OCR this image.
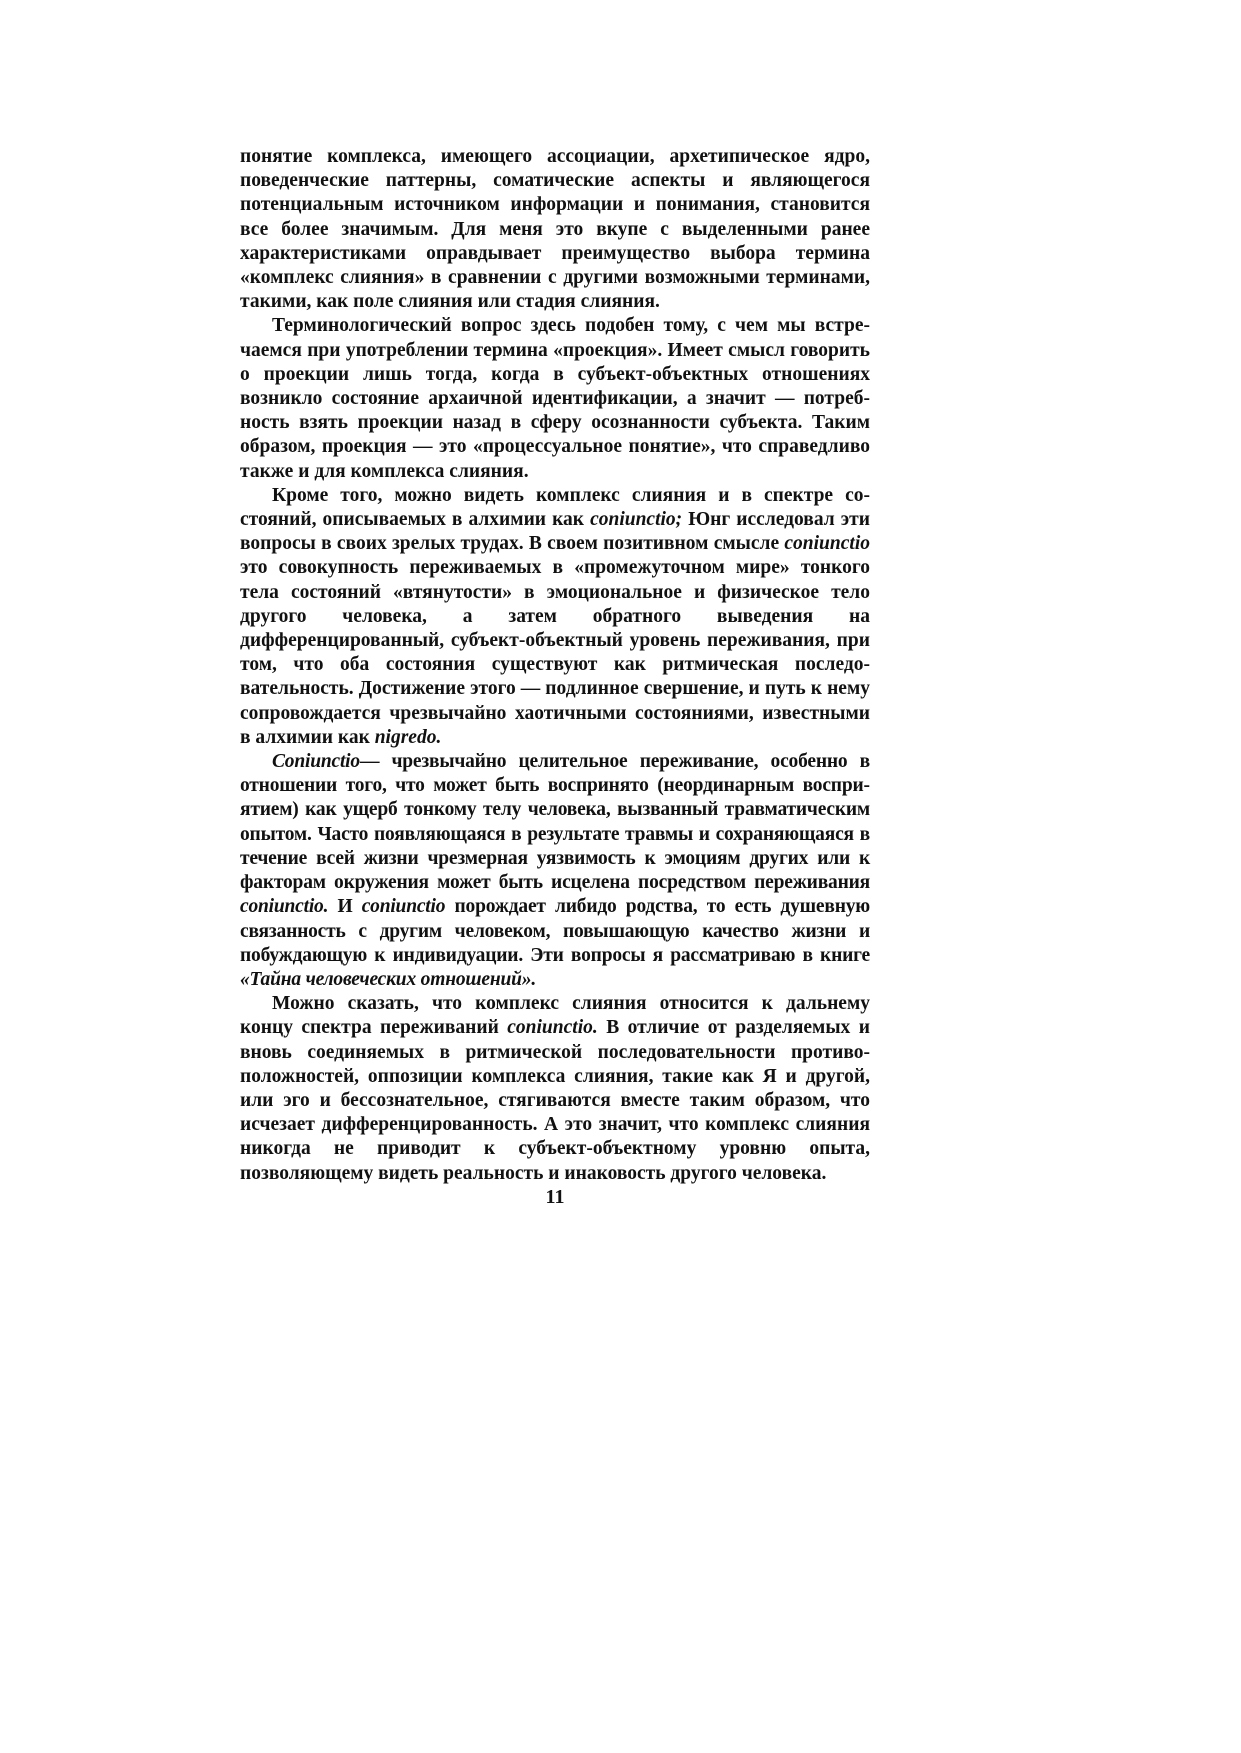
понятие комплекса, имеющего ассоциации, архетипическое ядро, поведенческие паттерны, соматические аспекты и являющегося потенциальным источником информации и понимания, становится все более значимым. Для меня это вкупе с выделенными ранее характеристиками оправдывает преимущество выбора термина «комплекс слияния» в сравнении с другими возможными терминами, такими, как поле слияния или стадия слияния.

Терминологический вопрос здесь подобен тому, с чем мы встречаемся при употреблении термина «проекция». Имеет смысл говорить о проекции лишь тогда, когда в субъект-объектных отношениях возникло состояние архаичной идентификации, а значит — потребность взять проекции назад в сферу осознанности субъекта. Таким образом, проекция — это «процессуальное понятие», что справедливо также и для комплекса слияния.

Кроме того, можно видеть комплекс слияния и в спектре состояний, описываемых в алхимии как coniunctio; Юнг исследовал эти вопросы в своих зрелых трудах. В своем позитивном смысле coniunctio это совокупность переживаемых в «промежуточном мире» тонкого тела состояний «втянутости» в эмоциональное и физическое тело другого человека, а затем обратного выведения на дифференцированный, субъект-объектный уровень переживания, при том, что оба состояния существуют как ритмическая последовательность. Достижение этого — подлинное свершение, и путь к нему сопровождается чрезвычайно хаотичными состояниями, известными в алхимии как nigredo.

Coniunctio— чрезвычайно целительное переживание, особенно в отношении того, что может быть воспринято (неординарным восприятием) как ущерб тонкому телу человека, вызванный травматическим опытом. Часто появляющаяся в результате травмы и сохраняющаяся в течение всей жизни чрезмерная уязвимость к эмоциям других или к факторам окружения может быть исцелена посредством переживания coniunctio. И coniunctio порождает либидо родства, то есть душевную связанность с другим человеком, повышающую качество жизни и побуждающую к индивидуации. Эти вопросы я рассматриваю в книге «Тайна человеческих отношений».

Можно сказать, что комплекс слияния относится к дальнему концу спектра переживаний coniunctio. В отличие от разделяемых и вновь соединяемых в ритмической последовательности противоположностей, оппозиции комплекса слияния, такие как Я и другой, или эго и бессознательное, стягиваются вместе таким образом, что исчезает дифференцированность. А это значит, что комплекс слияния никогда не приводит к субъект-объектному уровню опыта, позволяющему видеть реальность и инаковость другого человека.

11
